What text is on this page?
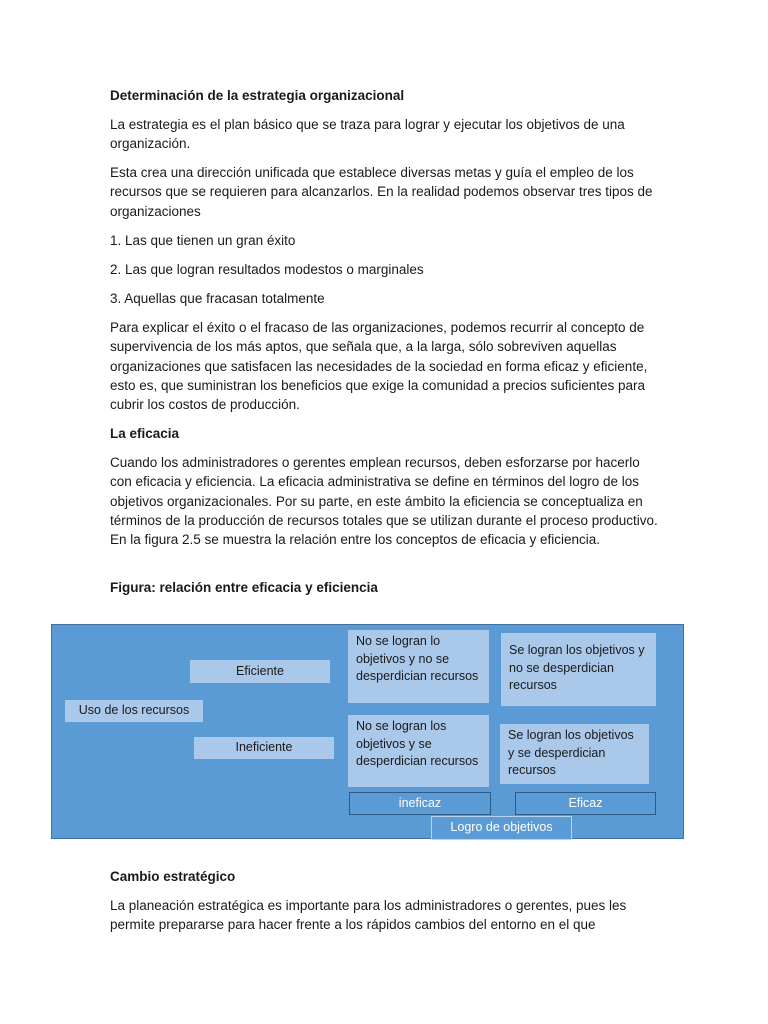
Determinación de la estrategia organizacional

La estrategia es el plan básico que se traza para lograr y ejecutar los objetivos de una organización.

Esta crea una dirección unificada que establece diversas metas y guía el empleo de los recursos que se requieren para alcanzarlos. En la realidad podemos observar tres tipos de organizaciones

1. Las que tienen un gran éxito

2. Las que logran resultados modestos o marginales

3. Aquellas que fracasan totalmente

Para explicar el éxito o el fracaso de las organizaciones, podemos recurrir al concepto de supervivencia de los más aptos, que señala que, a la larga, sólo sobreviven aquellas organizaciones que satisfacen las necesidades de la sociedad en forma eficaz y eficiente, esto es, que suministran los beneficios que exige la comunidad a precios suficientes para cubrir los costos de producción.

La eficacia

Cuando los administradores o gerentes emplean recursos, deben esforzarse por hacerlo con eficacia y eficiencia. La eficacia administrativa se define en términos del logro de los objetivos organizacionales. Por su parte, en este ámbito la eficiencia se conceptualiza en términos de la producción de recursos totales que se utilizan durante el proceso productivo. En la figura 2.5 se muestra la relación entre los conceptos de eficacia y eficiencia.

Figura: relación entre eficacia y eficiencia

Uso de los recursos
Eficiente
Ineficiente
No se logran lo objetivos y no se desperdician recursos
Se logran los objetivos y no se desperdician recursos
No se logran los objetivos y se desperdician recursos
Se logran los objetivos y se desperdician recursos
ineficaz	Eficaz
Logro de objetivos

Cambio estratégico

La planeación estratégica es importante para los administradores o gerentes, pues les permite prepararse para hacer frente a los rápidos cambios del entorno en el que
